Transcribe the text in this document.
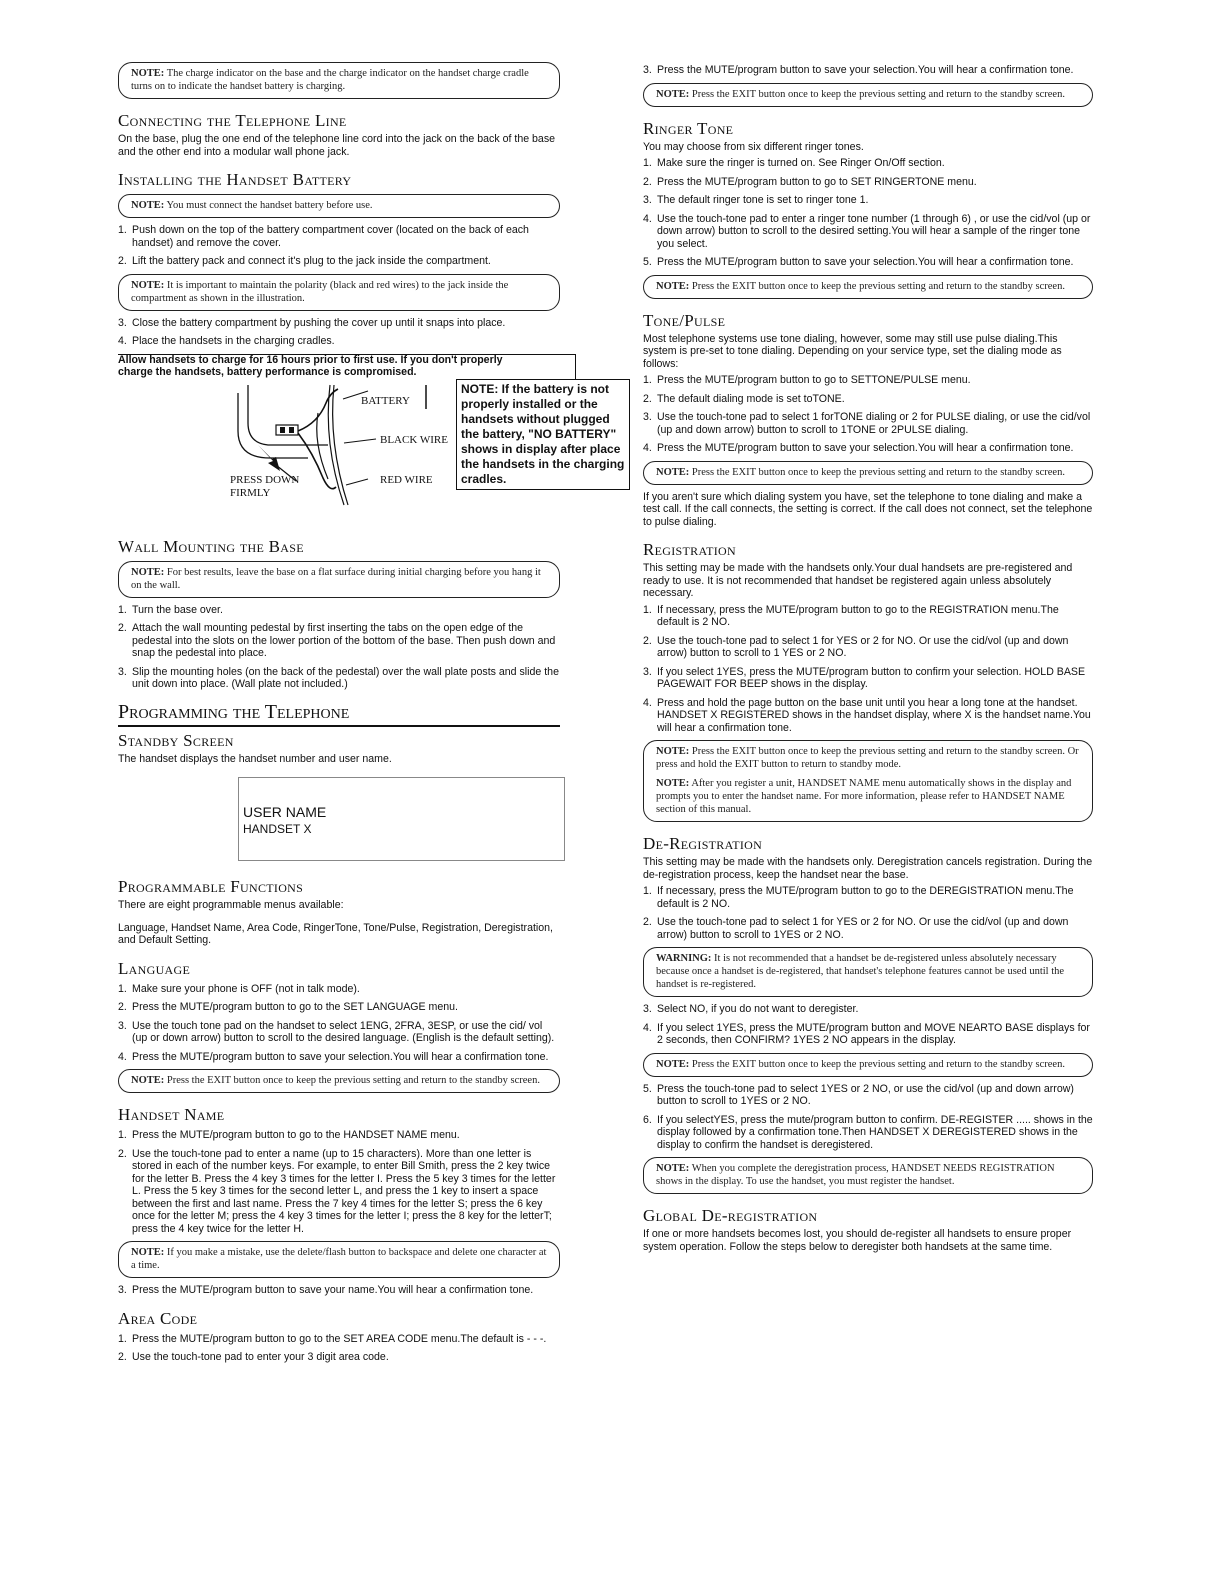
NOTE: The charge indicator on the base and the charge indicator on the handset charge cradle turns on to indicate the handset battery is charging.
Connecting the Telephone Line

On the base, plug the one end of the telephone line cord into the jack on the back of the base and the other end into a modular wall phone jack.

Installing the Handset Battery
NOTE: You must connect the handset battery before use.
1. Push down on the top of the battery compartment cover (located on the back of each handset) and remove the cover.
2. Lift the battery pack and connect it's plug to the jack inside the compartment.
NOTE: It is important to maintain the polarity (black and red wires) to the jack inside the compartment as shown in the illustration.
3. Close the battery compartment by pushing the cover up until it snaps into place.
4. Place the handsets in the charging cradles.

Allow handsets to charge for 16 hours prior to first use. If you don't properly charge the handsets, battery performance is compromised.

BATTERY
BLACK WIRE
RED WIRE
PRESS DOWN
FIRMLY
NOTE: If the battery is not properly installed or the handsets without plugged the battery, "NO BATTERY" shows in display after place the handsets in the charging cradles.
Wall Mounting the Base
NOTE: For best results, leave the base on a flat surface during initial charging before you hang it on the wall.
1. Turn the base over.
2. Attach the wall mounting pedestal by first inserting the tabs on the open edge of the pedestal into the slots on the lower portion of the bottom of the base. Then push down and snap the pedestal into place.
3. Slip the mounting holes (on the back of the pedestal) over the wall plate posts and slide the unit down into place. (Wall plate not included.)
Programming the Telephone
Standby Screen

The handset displays the handset number and user name.

USER NAME
HANDSET X
Programmable Functions

There are eight programmable menus available:

Language, Handset Name, Area Code, RingerTone, Tone/Pulse, Registration, Deregistration, and Default Setting.

Language
1. Make sure your phone is OFF (not in talk mode).
2. Press the MUTE/program button to go to the SET LANGUAGE menu.
3. Use the touch tone pad on the handset to select 1ENG, 2FRA, 3ESP, or use the cid/ vol (up or down arrow) button to scroll to the desired language. (English is the default setting).
4. Press the MUTE/program button to save your selection.You will hear a confirmation tone.
NOTE: Press the EXIT button once to keep the previous setting and return to the standby screen.
Handset Name
1. Press the MUTE/program button to go to the HANDSET NAME menu.
2. Use the touch-tone pad to enter a name (up to 15 characters). More than one letter is stored in each of the number keys. For example, to enter Bill Smith, press the 2 key twice for the letter B. Press the 4 key 3 times for the letter I. Press the 5 key 3 times for the letter L. Press the 5 key 3 times for the second letter L, and press the 1 key to insert a space between the first and last name. Press the 7 key 4 times for the letter S; press the 6 key once for the letter M; press the 4 key 3 times for the letter I; press the 8 key for the letterT; press the 4 key twice for the letter H.
NOTE: If you make a mistake, use the delete/flash button to backspace and delete one character at a time.
3. Press the MUTE/program button to save your name.You will hear a confirmation tone.
Area Code
1. Press the MUTE/program button to go to the SET AREA CODE menu.The default is - - -.
2. Use the touch-tone pad to enter your 3 digit area code.
3. Press the MUTE/program button to save your selection.You will hear a confirmation tone.
NOTE: Press the EXIT button once to keep the previous setting and return to the standby screen.
Ringer Tone

You may choose from six different ringer tones.

1. Make sure the ringer is turned on. See Ringer On/Off section.
2. Press the MUTE/program button to go to SET RINGERTONE menu.
3. The default ringer tone is set to ringer tone 1.
4. Use the touch-tone pad to enter a ringer tone number (1 through 6) , or use the cid/vol (up or down arrow) button to scroll to the desired setting.You will hear a sample of the ringer tone you select.
5. Press the MUTE/program button to save your selection.You will hear a confirmation tone.
NOTE: Press the EXIT button once to keep the previous setting and return to the standby screen.
Tone/Pulse

Most telephone systems use tone dialing, however, some may still use pulse dialing.This system is pre-set to tone dialing. Depending on your service type, set the dialing mode as follows:

1. Press the MUTE/program button to go to SETTONE/PULSE menu.
2. The default dialing mode is set toTONE.
3. Use the touch-tone pad to select 1 forTONE dialing or 2 for PULSE dialing, or use the cid/vol (up and down arrow) button to scroll to 1TONE or 2PULSE dialing.
4. Press the MUTE/program button to save your selection.You will hear a confirmation tone.
NOTE: Press the EXIT button once to keep the previous setting and return to the standby screen.

If you aren't sure which dialing system you have, set the telephone to tone dialing and make a test call. If the call connects, the setting is correct. If the call does not connect, set the telephone to pulse dialing.

Registration

This setting may be made with the handsets only.Your dual handsets are pre-registered and ready to use. It is not recommended that handset be registered again unless absolutely necessary.

1. If necessary, press the MUTE/program button to go to the REGISTRATION menu.The default is 2 NO.
2. Use the touch-tone pad to select 1 for YES or 2 for NO. Or use the cid/vol (up and down arrow) button to scroll to 1 YES or 2 NO.
3. If you select 1YES, press the MUTE/program button to confirm your selection. HOLD BASE PAGEWAIT FOR BEEP shows in the display.
4. Press and hold the page button on the base unit until you hear a long tone at the handset. HANDSET X REGISTERED shows in the handset display, where X is the handset name.You will hear a confirmation tone.

NOTE: Press the EXIT button once to keep the previous setting and return to the standby screen. Or press and hold the EXIT button to return to standby mode.

NOTE: After you register a unit, HANDSET NAME menu automatically shows in the display and prompts you to enter the handset name. For more information, please refer to HANDSET NAME section of this manual.

De-Registration

This setting may be made with the handsets only. Deregistration cancels registration. During the de-registration process, keep the handset near the base.

1. If necessary, press the MUTE/program button to go to the DEREGISTRATION menu.The default is 2 NO.
2. Use the touch-tone pad to select 1 for YES or 2 for NO. Or use the cid/vol (up and down arrow) button to scroll to 1YES or 2 NO.
WARNING: It is not recommended that a handset be de-registered unless absolutely necessary because once a handset is de-registered, that handset's telephone features cannot be used until the handset is re-registered.
3. Select NO, if you do not want to deregister.
4. If you select 1YES, press the MUTE/program button and MOVE NEARTO BASE displays for 2 seconds, then CONFIRM? 1YES 2 NO appears in the display.
NOTE: Press the EXIT button once to keep the previous setting and return to the standby screen.
5. Press the touch-tone pad to select 1YES or 2 NO, or use the cid/vol (up and down arrow) button to scroll to 1YES or 2 NO.
6. If you selectYES, press the mute/program button to confirm. DE-REGISTER ..... shows in the display followed by a confirmation tone.Then HANDSET X DEREGISTERED shows in the display to confirm the handset is deregistered.
NOTE: When you complete the deregistration process, HANDSET NEEDS REGISTRATION shows in the display. To use the handset, you must register the handset.
Global De-registration

If one or more handsets becomes lost, you should de-register all handsets to ensure proper system operation. Follow the steps below to deregister both handsets at the same time.
